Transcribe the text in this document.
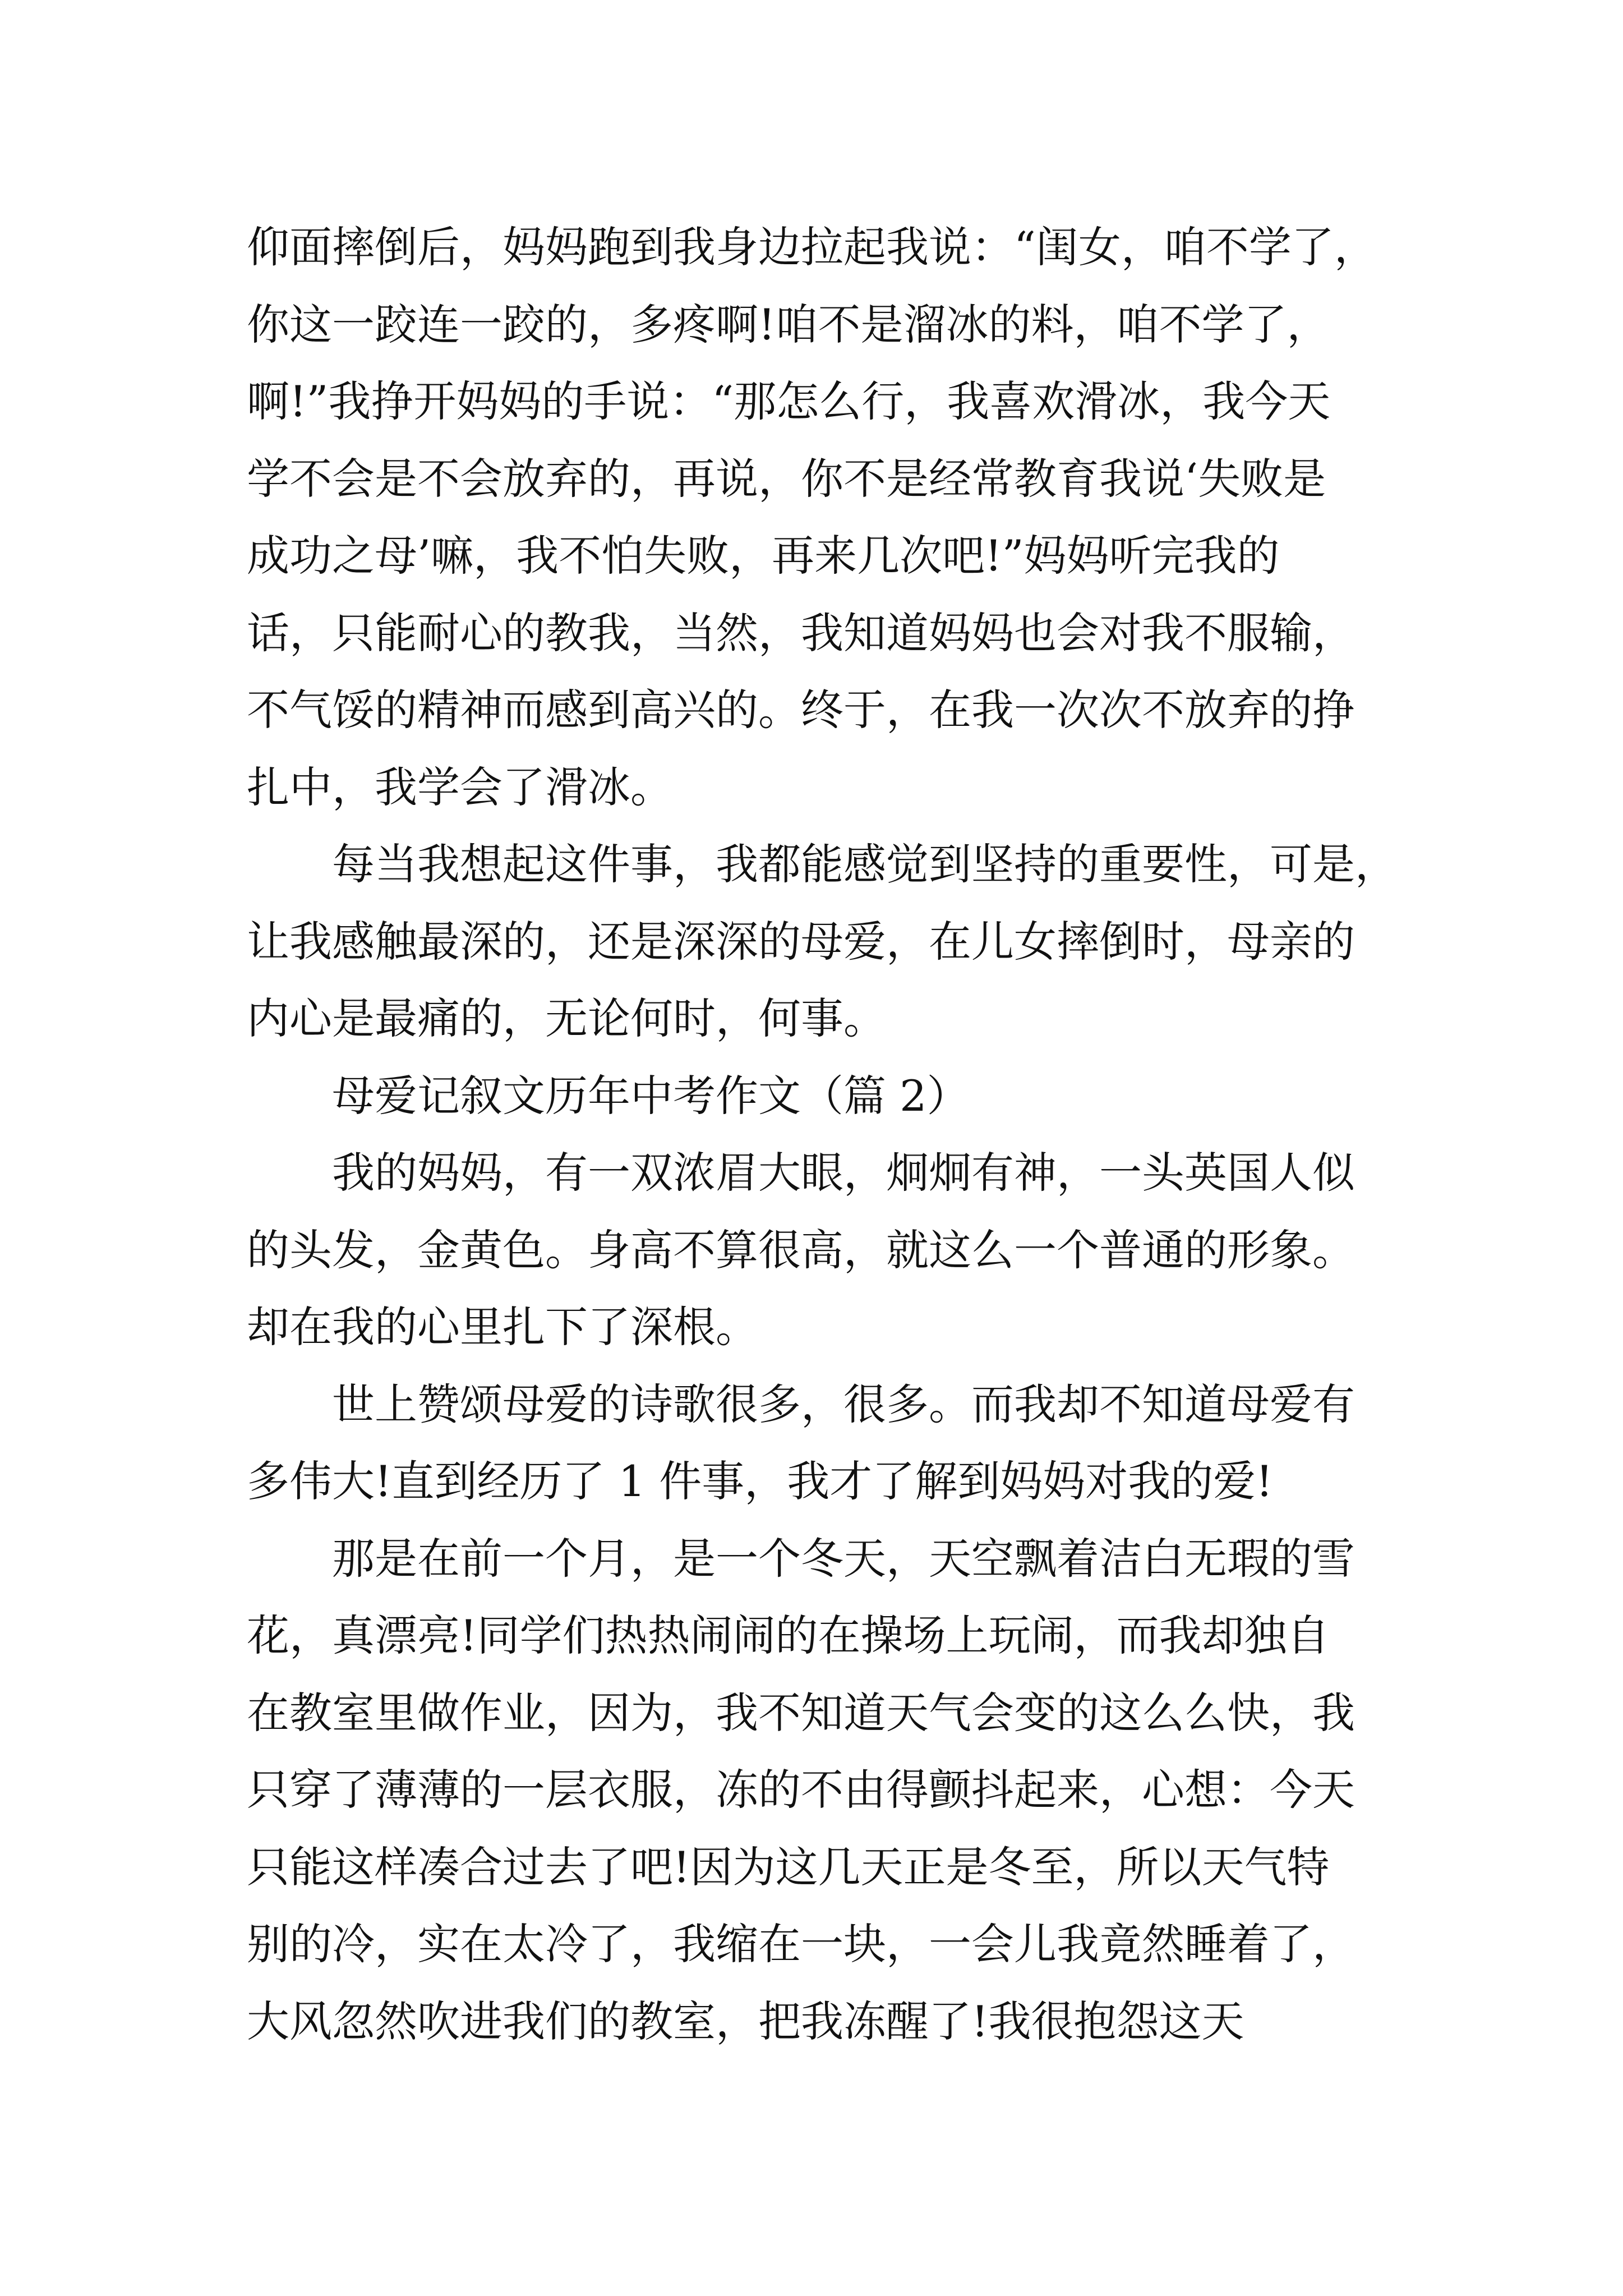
仰面摔倒后，妈妈跑到我身边拉起我说：“闺女，咱不学了，
你这一跤连一跤的，多疼啊!咱不是溜冰的料，咱不学了，
啊!”我挣开妈妈的手说：“那怎么行，我喜欢滑冰，我今天
学不会是不会放弃的，再说，你不是经常教育我说‘失败是
成功之母’嘛，我不怕失败，再来几次吧!”妈妈听完我的
话，只能耐心的教我，当然，我知道妈妈也会对我不服输，
不气馁的精神而感到高兴的。终于，在我一次次不放弃的挣
扎中，我学会了滑冰。
每当我想起这件事，我都能感觉到坚持的重要性，可是，
让我感触最深的，还是深深的母爱，在儿女摔倒时，母亲的
内心是最痛的，无论何时，何事。
母爱记叙文历年中考作文（篇 2）
我的妈妈，有一双浓眉大眼，炯炯有神，一头英国人似
的头发，金黄色。身高不算很高，就这么一个普通的形象。
却在我的心里扎下了深根。
世上赞颂母爱的诗歌很多，很多。而我却不知道母爱有
多伟大!直到经历了 1 件事，我才了解到妈妈对我的爱!
那是在前一个月，是一个冬天，天空飘着洁白无瑕的雪
花，真漂亮!同学们热热闹闹的在操场上玩闹，而我却独自
在教室里做作业，因为，我不知道天气会变的这么么快，我
只穿了薄薄的一层衣服，冻的不由得颤抖起来，心想：今天
只能这样凑合过去了吧!因为这几天正是冬至，所以天气特
别的冷，实在太冷了，我缩在一块，一会儿我竟然睡着了，
大风忽然吹进我们的教室，把我冻醒了!我很抱怨这天
